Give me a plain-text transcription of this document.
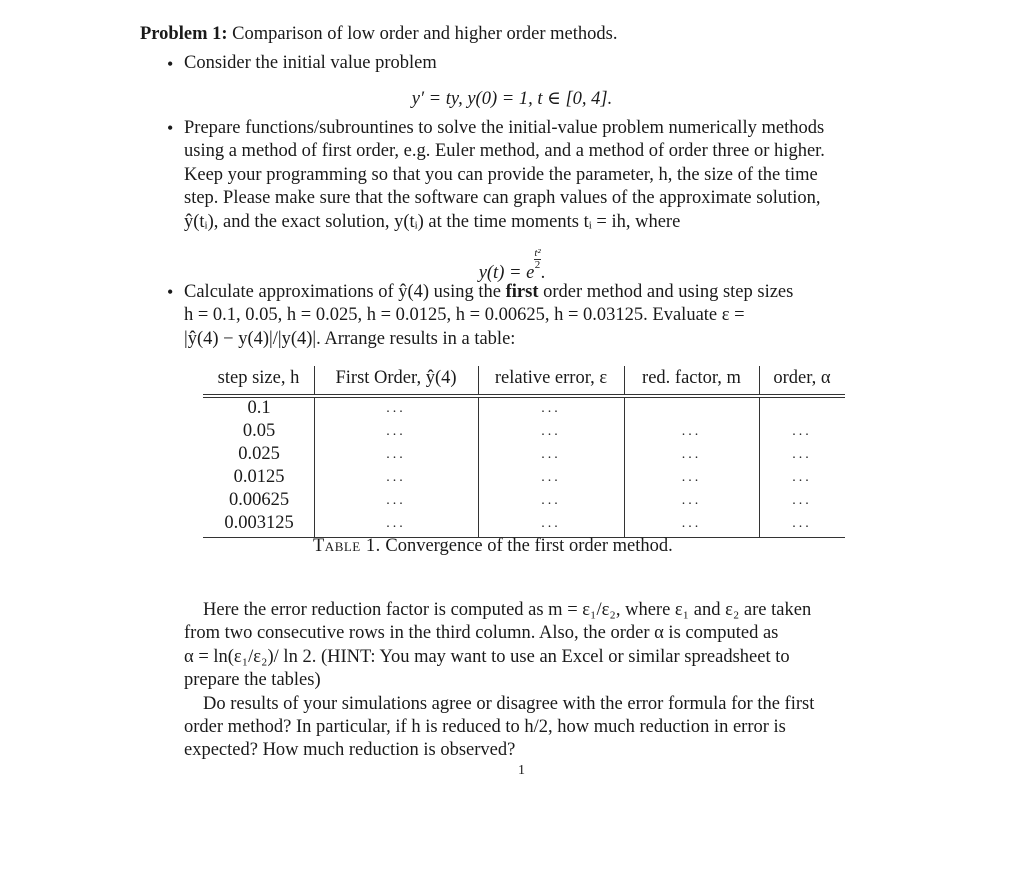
Problem 1: Comparison of low order and higher order methods.
• Consider the initial value problem
y′ = ty, y(0) = 1, t ∈ [0, 4].
• Prepare functions/subrountines to solve the initial-value problem numerically methods
using a method of first order, e.g. Euler method, and a method of order three or higher.
Keep your programming so that you can provide the parameter, h, the size of the time
step. Please make sure that the software can graph values of the approximate solution,
ŷ(tᵢ), and the exact solution, y(tᵢ) at the time moments tᵢ = ih, where
y(t) = e
$\frac{\text{t²}}{2}$
.
• Calculate approximations of ŷ(4) using the first order method and using step sizes
h = 0.1, 0.05, h = 0.025, h = 0.0125, h = 0.00625, h = 0.03125. Evaluate ε =
|ŷ(4) − y(4)|/|y(4)|. Arrange results in a table:
step size, h	First Order, ŷ(4)	relative error, ε	red. factor, m	order, α
0.1	...	...
0.05	...	...	...	...
0.025	...	...	...	...
0.0125	...	...	...	...
0.00625	...	...	...	...
0.003125	...	...	...	...
Table 1. Convergence of the first order method.
Here the error reduction factor is computed as m = ε₁/ε₂, where ε₁ and ε₂ are taken
from two consecutive rows in the third column. Also, the order α is computed as
α = ln(ε₁/ε₂)/ ln 2. (HINT: You may want to use an Excel or similar spreadsheet to
prepare the tables)
Do results of your simulations agree or disagree with the error formula for the first
order method? In particular, if h is reduced to h/2, how much reduction in error is
expected? How much reduction is observed?
1
